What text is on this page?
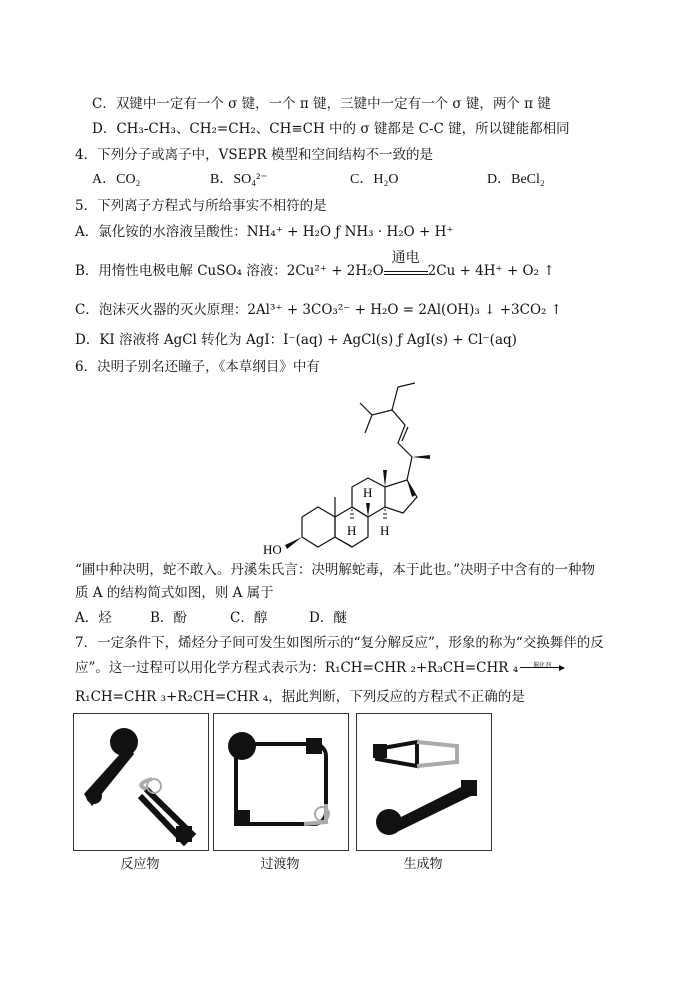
C．双键中一定有一个 σ 键，一个 π 键，三键中一定有一个 σ 键，两个 π 键
D．CH₃-CH₃、CH₂=CH₂、CH≡CH 中的 σ 键都是 C-C 键，所以键能都相同
4．下列分子或离子中，VSEPR 模型和空间结构不一致的是
A．CO₂	B．SO₄²⁻	C．H₂O	D．BeCl₂
5．下列离子方程式与所给事实不相符的是
A．氯化铵的水溶液呈酸性：NH₄⁺ + H₂O ƒ NH₃ · H₂O + H⁺
B．用惰性电极电解 CuSO₄ 溶液：2Cu²⁺ + 2H₂O
通电
2Cu + 4H⁺ + O₂ ↑
C．泡沫灭火器的灭火原理：2Al³⁺ + 3CO₃²⁻ + H₂O = 2Al(OH)₃ ↓ +3CO₂ ↑
D．KI 溶液将 AgCl 转化为 AgI：I⁻(aq) + AgCl(s) ƒ AgI(s) + Cl⁻(aq)
6．决明子别名还瞳子，《本草纲目》中有
HO
H
H H
“圃中种决明，蛇不敢入。丹溪朱氏言：决明解蛇毒，本于此也。”决明子中含有的一种物
质 A 的结构简式如图，则 A 属于
A．烃	B．酚	C．醇	D．醚
7．一定条件下，烯烃分子间可发生如图所示的“复分解反应”，形象的称为“交换舞伴的反
应”。这一过程可以用化学方程式表示为：R₁CH=CHR ₂+R₃CH=CHR ₄	催化剂
R₁CH=CHR ₃+R₂CH=CHR ₄，据此判断，下列反应的方程式不正确的是
反应物	过渡物	生成物
